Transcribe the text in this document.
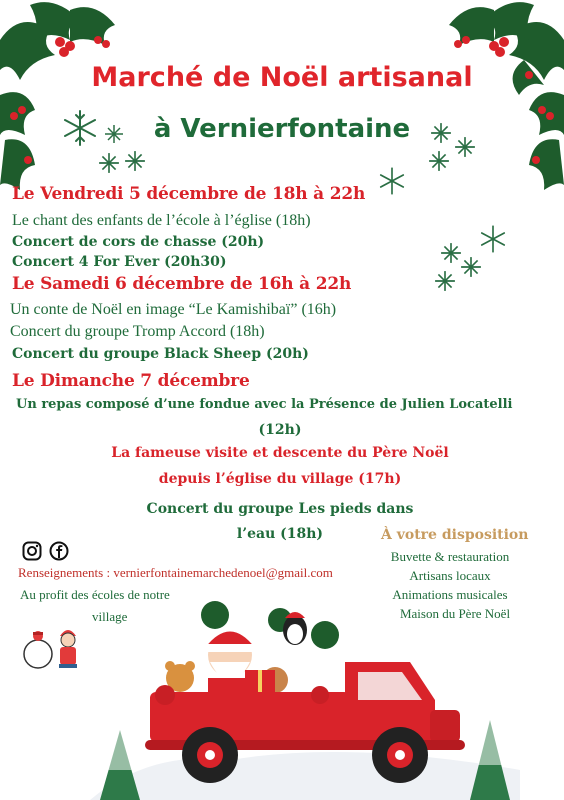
Marché de Noël artisanal
à Vernierfontaine
Le Vendredi 5 décembre de 18h à 22h
Le chant des enfants de l’école à l’église (18h)
Concert de cors de chasse (20h)
Concert 4 For Ever (20h30)
Le Samedi 6 décembre de 16h à 22h
Un conte de Noël en image “Le Kamishibaï” (16h)
Concert du groupe Tromp Accord (18h)
Concert du groupe Black Sheep (20h)
Le Dimanche 7 décembre
Un repas composé d’une fondue avec la Présence de Julien Locatelli
(12h)
La fameuse visite et descente du Père Noël
depuis l’église du village (17h)
Concert du groupe Les pieds dans
l’eau (18h)
Renseignements : vernierfontainemarchedenoel@gmail.com
Au profit des écoles de notre
village
À votre disposition
Buvette & restauration
Artisans locaux
Animations musicales
Maison du Père Noël
